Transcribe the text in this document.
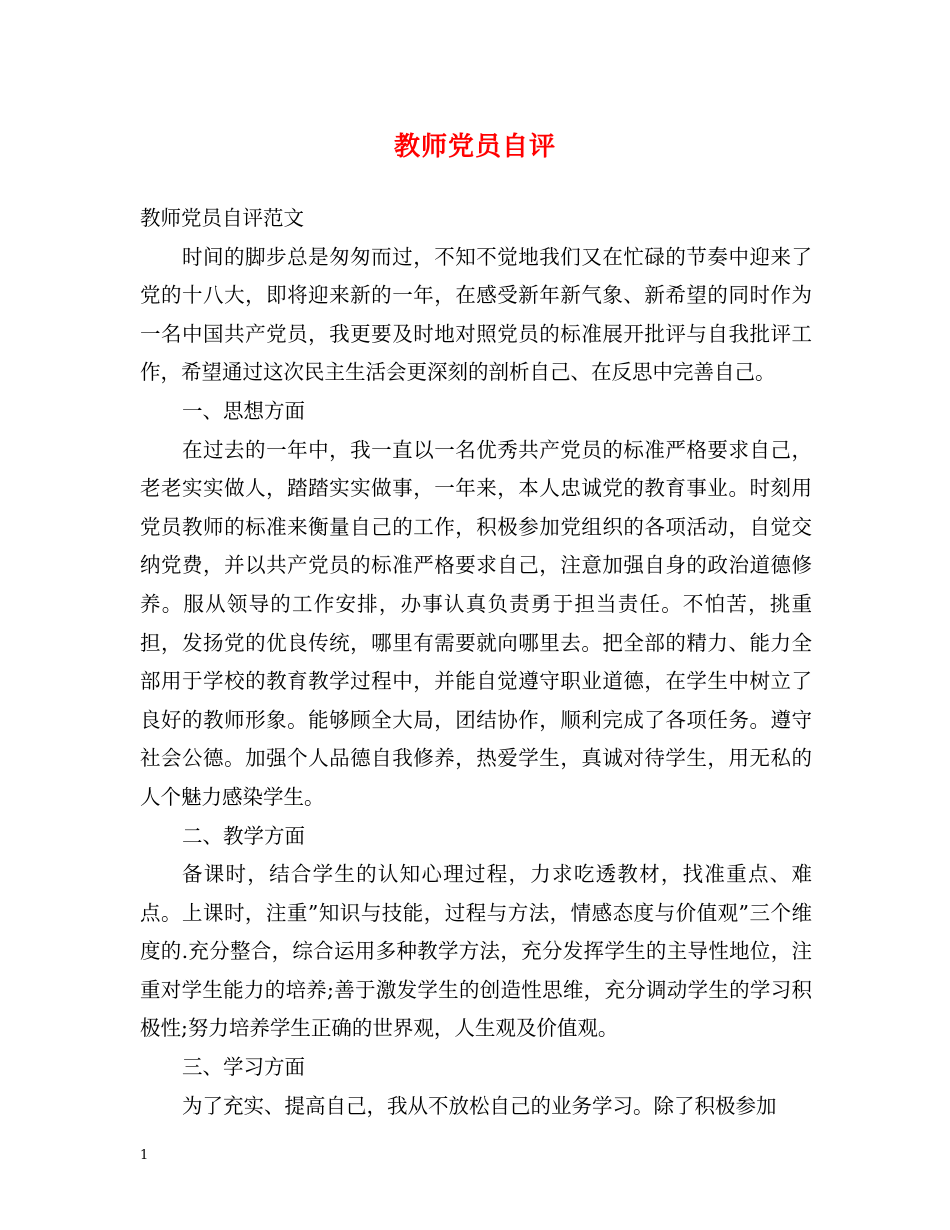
教师党员自评

教师党员自评范文

时间的脚步总是匆匆而过，不知不觉地我们又在忙碌的节奏中迎来了党的十八大，即将迎来新的一年，在感受新年新气象、新希望的同时作为一名中国共产党员，我更要及时地对照党员的标准展开批评与自我批评工作，希望通过这次民主生活会更深刻的剖析自己、在反思中完善自己。

一、思想方面

在过去的一年中，我一直以一名优秀共产党员的标准严格要求自己，老老实实做人，踏踏实实做事，一年来，本人忠诚党的教育事业。时刻用党员教师的标准来衡量自己的工作，积极参加党组织的各项活动，自觉交纳党费，并以共产党员的标准严格要求自己，注意加强自身的政治道德修养。服从领导的工作安排，办事认真负责勇于担当责任。不怕苦，挑重担，发扬党的优良传统，哪里有需要就向哪里去。把全部的精力、能力全部用于学校的教育教学过程中，并能自觉遵守职业道德，在学生中树立了良好的教师形象。能够顾全大局，团结协作，顺利完成了各项任务。遵守社会公德。加强个人品德自我修养，热爱学生，真诚对待学生，用无私的人个魅力感染学生。

二、教学方面

备课时，结合学生的认知心理过程，力求吃透教材，找准重点、难点。上课时，注重”知识与技能，过程与方法，情感态度与价值观”三个维度的.充分整合，综合运用多种教学方法，充分发挥学生的主导性地位，注重对学生能力的培养;善于激发学生的创造性思维，充分调动学生的学习积极性;努力培养学生正确的世界观，人生观及价值观。

三、学习方面

为了充实、提高自己，我从不放松自己的业务学习。除了积极参加

1
